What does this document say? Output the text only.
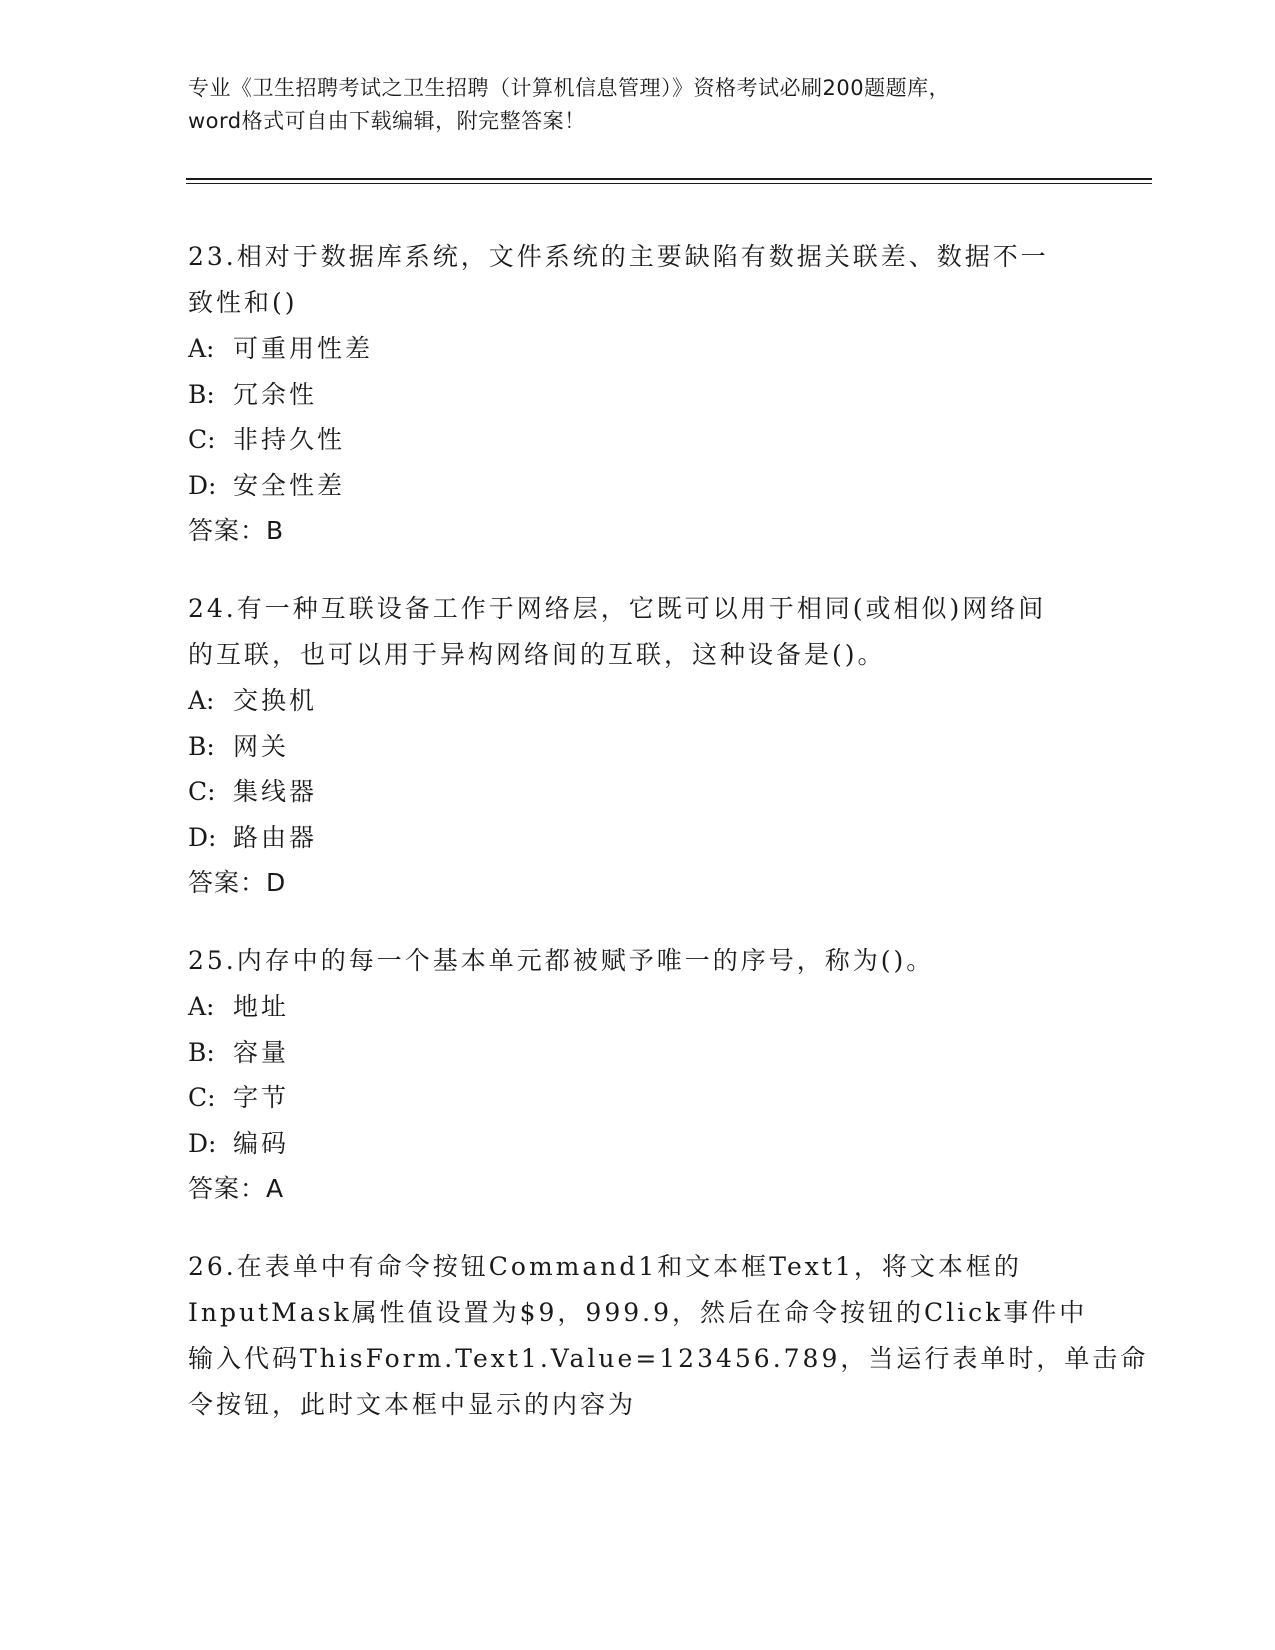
专业《卫生招聘考试之卫生招聘（计算机信息管理）》资格考试必刷200题题库，
word格式可自由下载编辑，附完整答案！
23.相对于数据库系统，文件系统的主要缺陷有数据关联差、数据不一
致性和()
A: 可重用性差
B: 冗余性
C: 非持久性
D: 安全性差
答案：B
24.有一种互联设备工作于网络层，它既可以用于相同(或相似)网络间
的互联，也可以用于异构网络间的互联，这种设备是()。
A: 交换机
B: 网关
C: 集线器
D: 路由器
答案：D
25.内存中的每一个基本单元都被赋予唯一的序号，称为()。
A: 地址
B: 容量
C: 字节
D: 编码
答案：A
26.在表单中有命令按钮Command1和文本框Text1，将文本框的
InputMask属性值设置为$9，999.9，然后在命令按钮的Click事件中
输入代码ThisForm.Text1.Value=123456.789，当运行表单时，单击命
令按钮，此时文本框中显示的内容为
